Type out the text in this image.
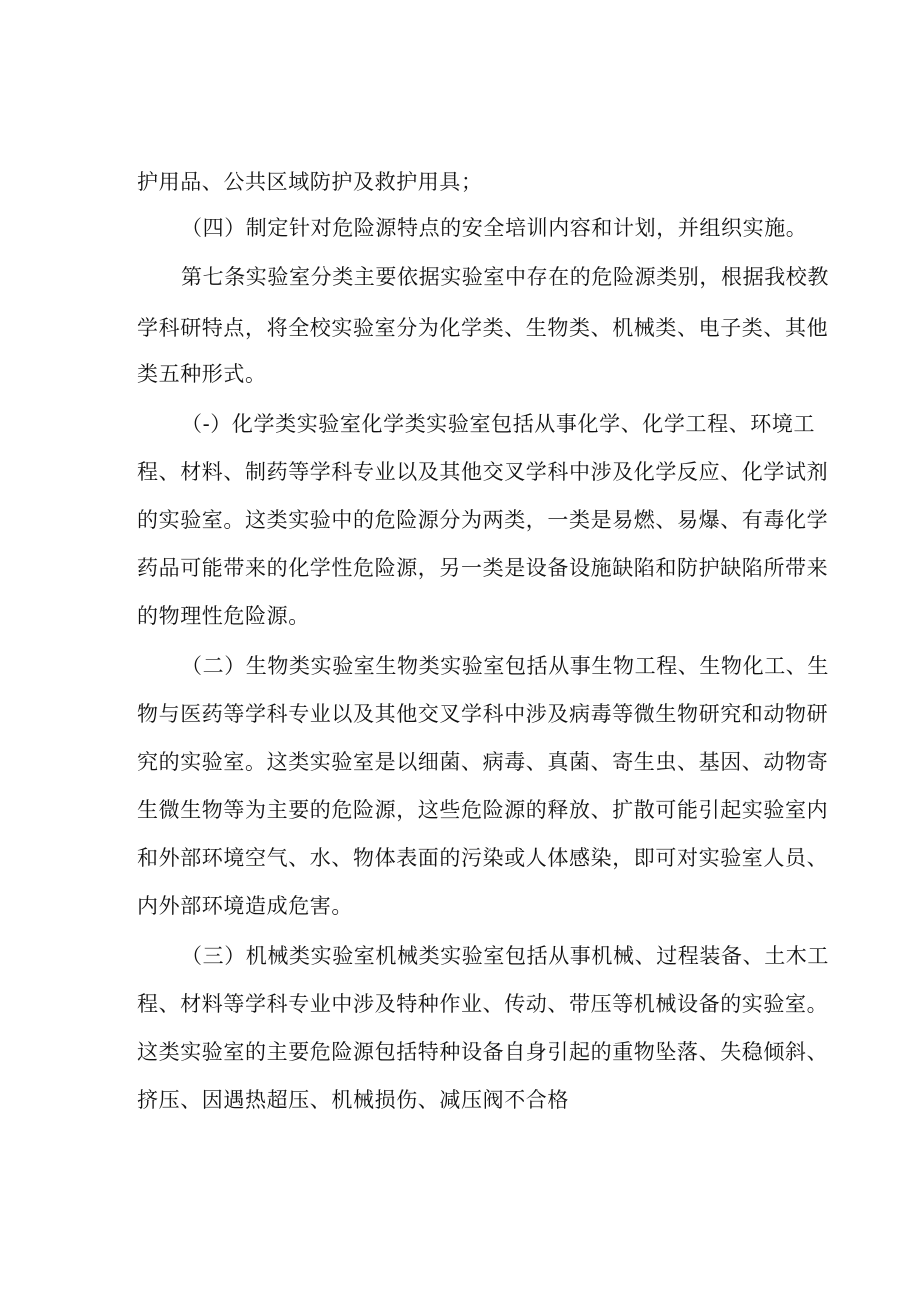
护用品、公共区域防护及救护用具；
（四）制定针对危险源特点的安全培训内容和计划，并组织实施。
第七条实验室分类主要依据实验室中存在的危险源类别，根据我校教
学科研特点，将全校实验室分为化学类、生物类、机械类、电子类、其他
类五种形式。
（-）化学类实验室化学类实验室包括从事化学、化学工程、环境工
程、材料、制药等学科专业以及其他交叉学科中涉及化学反应、化学试剂
的实验室。这类实验中的危险源分为两类，一类是易燃、易爆、有毒化学
药品可能带来的化学性危险源，另一类是设备设施缺陷和防护缺陷所带来
的物理性危险源。
（二）生物类实验室生物类实验室包括从事生物工程、生物化工、生
物与医药等学科专业以及其他交叉学科中涉及病毒等微生物研究和动物研
究的实验室。这类实验室是以细菌、病毒、真菌、寄生虫、基因、动物寄
生微生物等为主要的危险源，这些危险源的释放、扩散可能引起实验室内
和外部环境空气、水、物体表面的污染或人体感染，即可对实验室人员、
内外部环境造成危害。
（三）机械类实验室机械类实验室包括从事机械、过程装备、土木工
程、材料等学科专业中涉及特种作业、传动、带压等机械设备的实验室。
这类实验室的主要危险源包括特种设备自身引起的重物坠落、失稳倾斜、
挤压、因遇热超压、机械损伤、减压阀不合格
